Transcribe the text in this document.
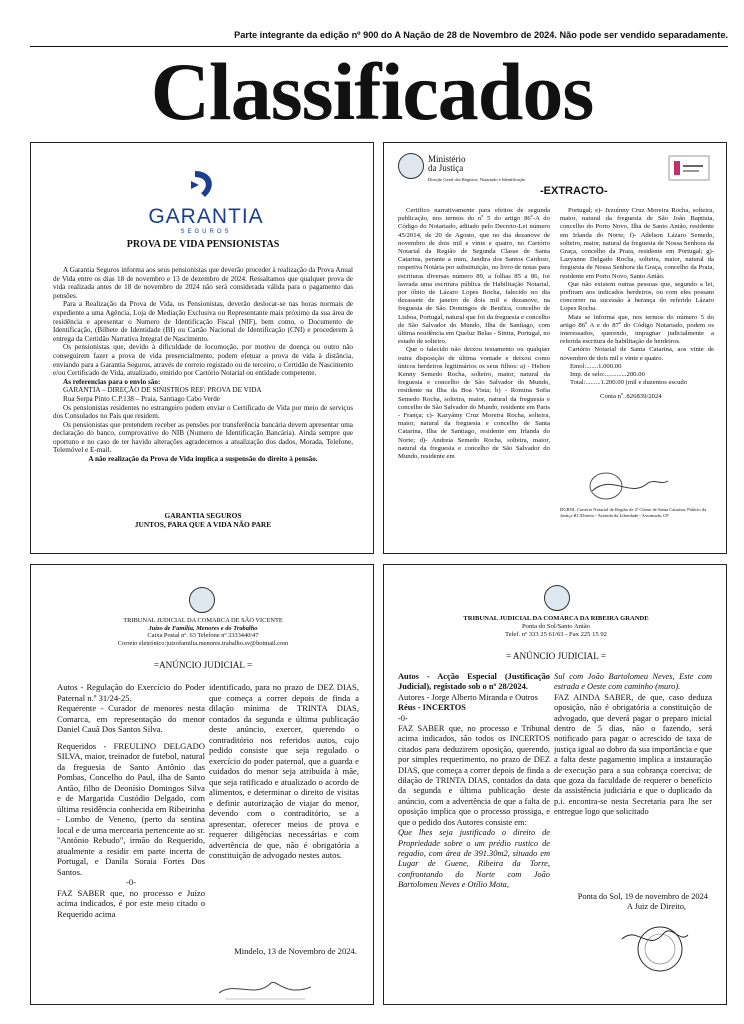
Parte integrante da edição nº 900 do A Nação de 28 de Novembro de 2024. Não pode ser vendido separadamente.
Classificados
GARANTIA
SEGUROS
PROVA DE VIDA PENSIONISTAS

A Garantia Seguros informa aos seus pensionistas que deverão proceder à realização da Prova Anual de Vida entre os dias 18 de novembro e 13 de dezembro de 2024. Ressaltamos que qualquer prova de vida realizada antes de 18 de novembro de 2024 não será considerada válida para o pagamento das pensões.

Para a Realização da Prova de Vida, os Pensionistas, deverão deslocar-se nas horas normais de expediente a uma Agência, Loja de Mediação Exclusiva ou Representante mais próximo da sua área de residência e apresentar o Numero de Identificação Fiscal (NIF), bem como, o Documento de Identificação, (Bilhete de Identidade (BI) ou Cartão Nacional de Identificação (CNI) e procederem à entrega da Certidão Narrativa Integral de Nascimento.

Os pensionistas que, devido à dificuldade de locomoção, por motivo de doença ou outro não conseguirem fazer a prova de vida presencialmente, podem efetuar a prova de vida à distância, enviando para a Garantia Seguros, através de correio registado ou de terceiro, o Certidão de Nascimento e/ou Certificado de Vida, atualizado, emitido por Cartório Notarial ou entidade competente.

As referencias para o envio são:

GARANTIA – DIREÇÃO DE SINISTROS REF: PROVA DE VIDA

Rua Serpa Pinto C.P.138 – Praia, Santiago Cabo Verde

Os pensionistas residentes no estrangeiro podem enviar o Certificado de Vida por meio de serviços dos Consulados no País que residem.

Os pensionistas que pretendem receber as pensões por transferência bancária devem apresentar uma declaração do banco, comprovativo do NIB (Numero de Identificação Bancária). Ainda sempre que oportuno e no caso de ter havido alterações agradecemos a atualização dos dados, Morada, Telefone, Telemóvel e E-mail.

A não realização da Prova de Vida implica a suspensão do direito à pensão.

GARANTIA SEGUROS
JUNTOS, PARA QUE A VIDA NÃO PARE
Ministério
da Justiça
Direção Geral dos Registos, Notariado e Identificação
-EXTRACTO-

Certifico narrativamente para efeitos de segunda publicação, nos termos do nº 5 do artigo 86º-A do Código do Notariado, aditado pelo Decreto-Lei número 45/2014, de 20 de Agosto, que no dia dezanove de novembro de dois mil e vinte e quatro, no Cartório Notarial da Região de Segunda Classe de Santa Catarina, perante a mim, Jandira dos Santos Cardoso, respetiva Notária por substituição, no livro de notas para escrituras diversas número 89, a folhas 85 a 86, foi lavrada uma escritura pública de Habilitação Notarial, por óbito de Lázaro Lopes Rocha, falecido no dia dezassete de janeiro de dois mil e dezanove, na freguesia de São Domingos de Benfica, concelho de Lisboa, Portugal, natural que foi da freguesia e concelho de São Salvador do Mundo, Ilha de Santiago, com última residência em Queluz Belas - Sintra, Portugal, no estado de solteiro.

Que o falecido não deixou testamento ou qualquer outra disposição de última vontade e deixou como únicos herdeiros legitimários os seus filhos: a) - Helton Kenny Semedo Rocha, solteiro, maior, natural da freguesia e concelho de São Salvador do Mundo, residente na Ilha da Boa Vista; b) - Romina Sofia Semedo Rocha, solteira, maior, natural da freguesia e concelho de São Salvador do Mundo, residente em Paris - França; c)- Kazyámy Cruz Moreira Rocha, solteira, maior, natural da freguesia e concelho de Santa Catarina, Ilha de Santiago, residente em Irlanda do Norte; d)- Andreia Semedo Rocha, solteira, maior, natural da freguesia e concelho de São Salvador do Mundo, residente em

Portugal; e)- Jezuínny Cruz Moreira Rocha, solteira, maior, natural da freguesia de São João Baptista, concelho do Porto Novo, Ilha de Santo Antão, residente em Irlanda do Norte; f)- Adelson Lázaro Semedo, solteiro, maior, natural da freguesia de Nossa Senhora da Graça, concelho da Praia, residente em Portugal; g)- Lazyanne Delgado Rocha, solteira, maior, natural da freguesia de Nossa Senhora da Graça, concelho da Praia, residente em Porto Novo, Santo Antão.

Que não existem outras pessoas que, segundo a lei, prefiram aos indicados herdeiros, ou com eles possam concorrer na sucessão à herança do referido Lázaro Lopes Rocha.

Mais se informa que, nos termos do número 5 do artigo 86º A e do 87º do Código Notariado, podem os interessados, querendo, impugnar judicialmente a referida escritura de habilitação de herdeiros.

Cartório Notarial de Santa Catarina, aos vinte de novembro de dois mil e vinte e quatro.

Emol:.......1.000.00
Imp. de selo:.............200.00
Total:.........1.200.00 (mil e duzentos escudo
Conta nº. 826839/2024
DGRNI, Cartório Notarial de Região de 2ª Classe de Santa Catarina, Palácio da Justiça RC/Direito - Avenida da Liberdade - Assomada, CP
TRIBUNAL JUDICIAL DA COMARCA DE SÃO VICENTE
Juízo de Família, Menores e do Trabalho
Caixa Postal nº. 63 Telefone nº 3333440/47
Correio eletrónico:juizofamilia.menores.trabalho.sv@hotmail.com
=ANÚNCIO JUDICIAL =

Autos - Regulação do Exercício do Poder Paternal n.º 31/24-25.

Requerente - Curador de menores nesta Comarca, em representação do menor Daniel Cauã Dos Santos Silva.

Requeridos - FREULINO DELGADO SILVA, maior, treinador de futebol, natural da freguesia de Santo Antônio das Pombas, Concelho do Paul, ilha de Santo Antão, filho de Deonísio Domingos Silva e de Margarida Custódio Delgado, com última residência conhecida em Ribeirinha - Lombo de Veneno, (perto da sentina local e de uma mercearia pertencente ao sr. "António Rebudo", irmão do Requerido, atualmente a residir em parte incerta de Portugal, e Danila Soraia Fortes Dos Santos.

-0-

FAZ SABER que, no processo e Juízo acima indicados, é por este meio citado o Requerido acima

identificado, para no prazo de DEZ DIAS, que começa a correr depois de finda a dilação mínima de TRINTA DIAS, contados da segunda e última publicação deste anúncio, exercer, querendo o contraditório nos referidos autos, cujo pedido consiste que seja regulado o exercício do poder paternal, que a guarda e cuidados do menor seja atribuída à mãe, que seja ratificado e atualizado o acordo de alimentos, e determinar o direito de visitas e definir autorização de viajar do menor, devendo com o contraditório, se a apresentar, oferecer meios de prova e requerer diligências necessárias e com advertência de que, não é obrigatória a constituição de advogado nestes autos.

Mindelo, 13 de Novembro de 2024.
TRIBUNAL JUDICIAL DA COMARCA DA RIBEIRA GRANDE
Ponta do Sol/Santo Antão
Telef. nº 333 25 61/63 - Fax 225 15 92
= ANÚNCIO JUDICIAL =

Autos - Acção Especial (Justificação Judicial), registado sob o nº 28/2024.

Autores - Jorge Alberto Miranda e Outros

Réus - INCERTOS

-0-

FAZ SABER que, no processo e Tribunal acima indicados, são todos os INCERTOS citados para deduzirem oposição, querendo, por simples requerimento, no prazo de DEZ DIAS, que começa a correr depois de finda a dilação de TRINTA DIAS, contados da data da segunda e última publicação deste anúncio, com a advertência de que a falta de oposição implica que o processo prossiga, e que o pedido dos Autores consiste em:

Que lhes seja justificado o direito de Propriedade sobre o um prédio rustico de regadio, com área de 391.30m2, situado em Lugar de Guene, Ribeira da Torre, confrontando do Norte com João Bartolomeu Neves e Otílio Mota,

Sul com João Bartolomeu Neves, Este com estrada e Oeste com caminho (muro).

FAZ AINDA SABER, de que, caso deduza oposição, não é obrigatória a constituição de advogado, que deverá pagar o preparo inicial dentro de 5 dias, não o fazendo, será notificado para pagar o acrescido de taxa de justiça igual ao dobro da sua importância e que a falta deste pagamento implica a instauração de execução para a sua cobrança coerciva; de que goza da faculdade de requerer o benefício da assistência judiciária e que o duplicado da p.i. encontra-se nesta Secretaria para lhe ser entregue logo que solicitado

Ponta do Sol, 19 de novembro de 2024
A Juiz de Direito,
